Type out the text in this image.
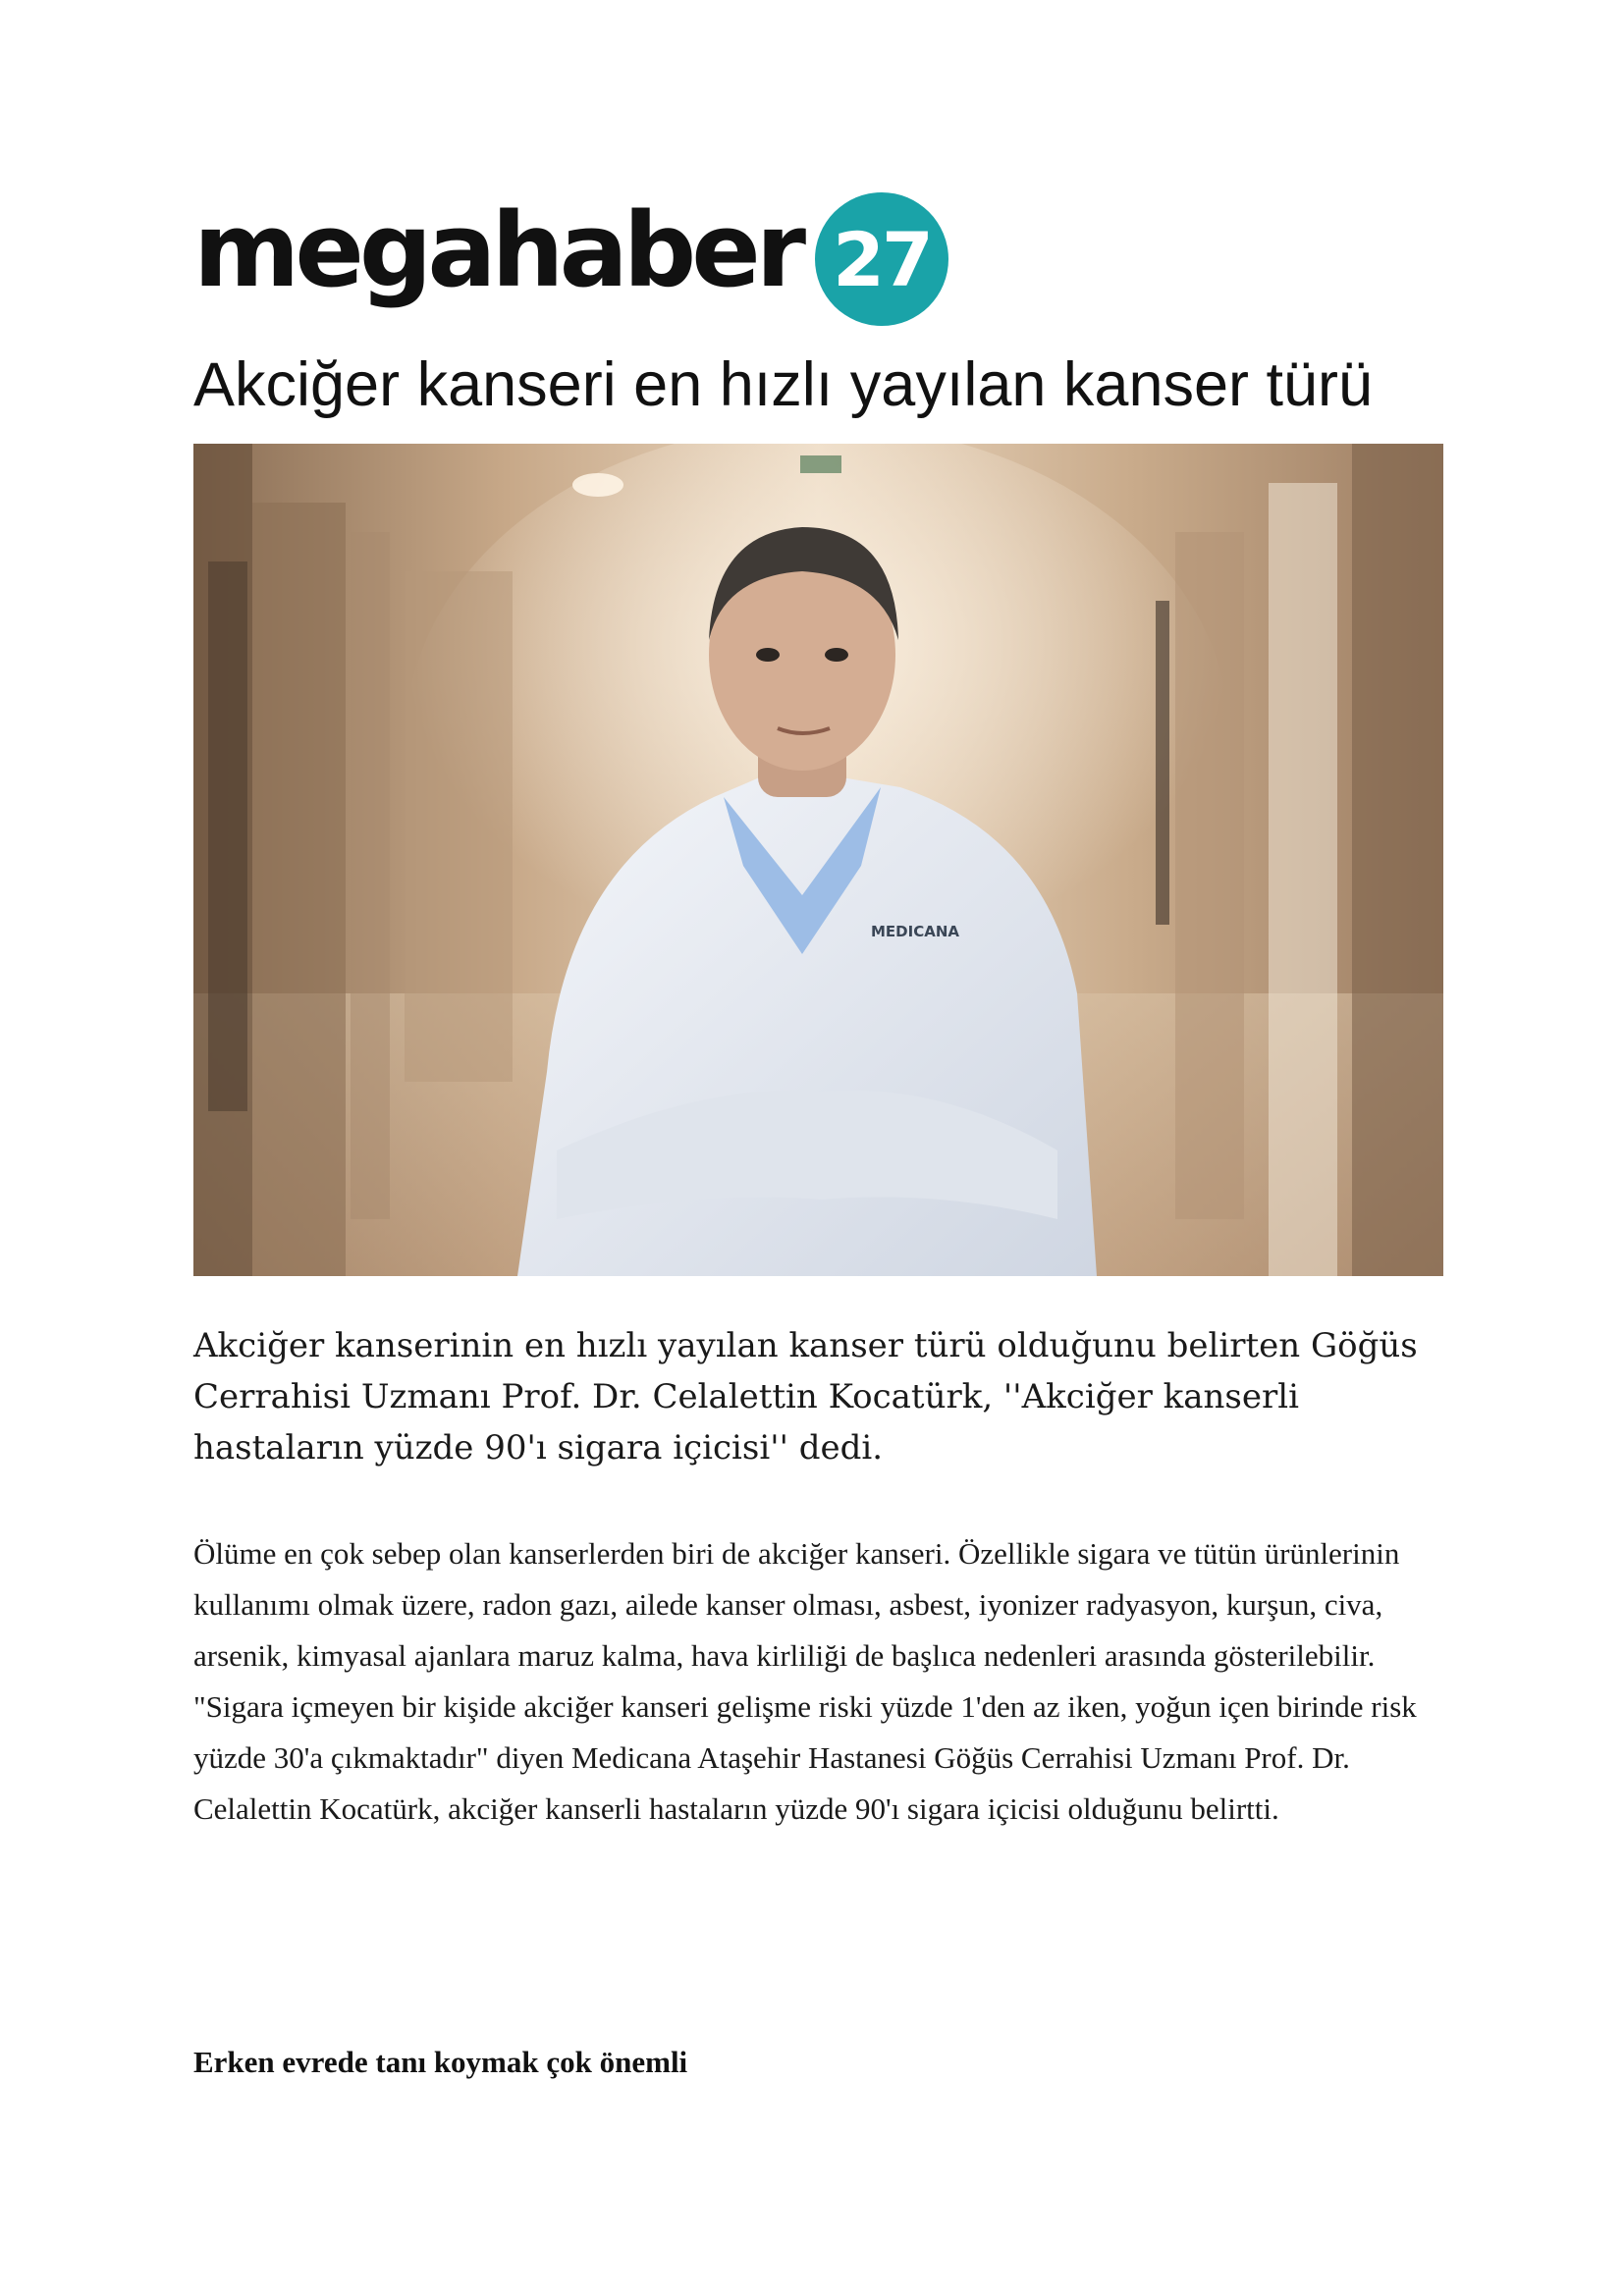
megahaber 27
Akciğer kanseri en hızlı yayılan kanser türü
MEDICANA

Akciğer kanserinin en hızlı yayılan kanser türü olduğunu belirten Göğüs Cerrahisi Uzmanı Prof. Dr. Celalettin Kocatürk, ''Akciğer kanserli hastaların yüzde 90'ı sigara içicisi'' dedi.

Ölüme en çok sebep olan kanserlerden biri de akciğer kanseri. Özellikle sigara ve tütün ürünlerinin kullanımı olmak üzere, radon gazı, ailede kanser olması, asbest, iyonizer radyasyon, kurşun, civa, arsenik, kimyasal ajanlara maruz kalma, hava kirliliği de başlıca nedenleri arasında gösterilebilir. "Sigara içmeyen bir kişide akciğer kanseri gelişme riski yüzde 1'den az iken, yoğun içen birinde risk yüzde 30'a çıkmaktadır" diyen Medicana Ataşehir Hastanesi Göğüs Cerrahisi Uzmanı Prof. Dr. Celalettin Kocatürk, akciğer kanserli hastaların yüzde 90'ı sigara içicisi olduğunu belirtti.

Erken evrede tanı koymak çok önemli
